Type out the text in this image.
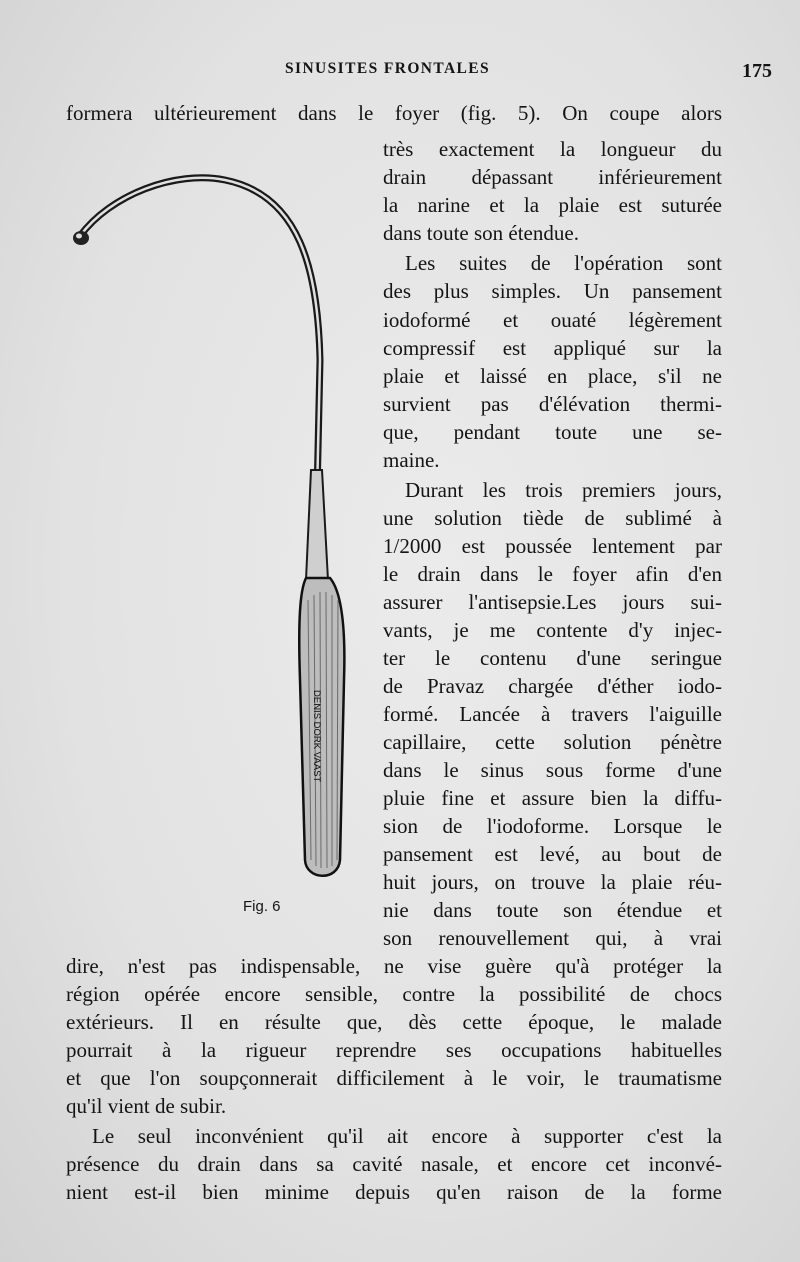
SINUSITES FRONTALES	175
DENIS DORK VAAST
Fig. 6
formera ultérieurement dans le foyer (fig. 5). On coupe alors
très exactement la longueur du
drain dépassant inférieurement
la narine et la plaie est suturée
dans toute son étendue.
Les suites de l'opération sont
des plus simples. Un pansement
iodoformé et ouaté légèrement
compressif est appliqué sur la
plaie et laissé en place, s'il ne
survient pas d'élévation thermi-
que, pendant toute une se-
maine.
Durant les trois premiers jours,
une solution tiède de sublimé à
1/2000 est poussée lentement par
le drain dans le foyer afin d'en
assurer l'antisepsie.Les jours sui-
vants, je me contente d'y injec-
ter le contenu d'une seringue
de Pravaz chargée d'éther iodo-
formé. Lancée à travers l'aiguille
capillaire, cette solution pénètre
dans le sinus sous forme d'une
pluie fine et assure bien la diffu-
sion de l'iodoforme. Lorsque le
pansement est levé, au bout de
huit jours, on trouve la plaie réu-
nie dans toute son étendue et
son renouvellement qui, à vrai
dire, n'est pas indispensable, ne vise guère qu'à protéger la
région opérée encore sensible, contre la possibilité de chocs
extérieurs. Il en résulte que, dès cette époque, le malade
pourrait à la rigueur reprendre ses occupations habituelles
et que l'on soupçonnerait difficilement à le voir, le traumatisme
qu'il vient de subir.
Le seul inconvénient qu'il ait encore à supporter c'est la
présence du drain dans sa cavité nasale, et encore cet inconvé-
nient est-il bien minime depuis qu'en raison de la forme
